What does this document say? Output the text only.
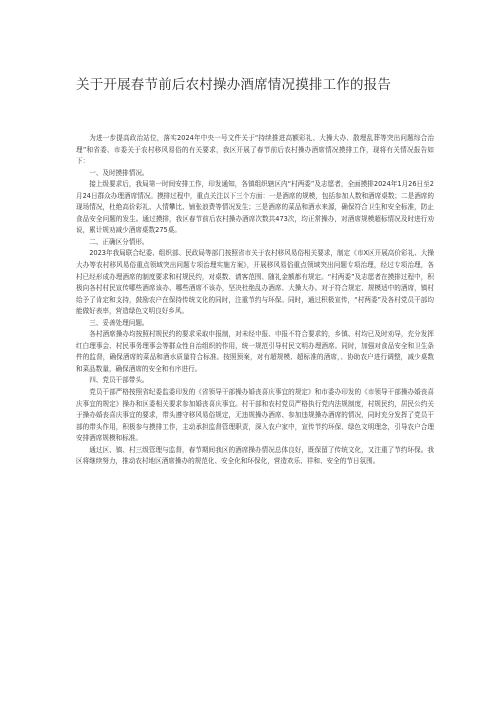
关于开展春节前后农村操办酒席情况摸排工作的报告

为进一步提高政治站位，落实2024年中央一号文件关于“持续推进高额彩礼、大操大办、散埋乱葬等突出问题综合治理”和省委、市委关于农村移风易俗的有关要求，我区开展了春节前后农村操办酒席情况摸排工作，现将有关情况报告如下：

一、及时摸排情况。

接上级要求后，我局第一时间安排工作，印发通知，各镇组织辖区内“村两委”及志愿者，全面摸排2024年1月26日至2月24日群众办理酒席情况。摸排过程中，重点关注以下三个方面：一是酒席的规模，包括参加人数和酒席桌数；二是酒席的现场情况，杜绝高价彩礼、人情攀比、铺张浪费等情况发生；三是酒席的菜品和酒水来源，确保符合卫生和安全标准，防止食品安全问题的发生。通过摸排，我区春节前后农村操办酒席次数共473次，均正常操办，对酒席规模超标情况及时进行劝说，累计规劝减少酒席桌数275桌。

二、正确区分情形。

2023年我局联合纪委、组织部、民政局等部门按照省市关于农村移风易俗相关要求，制定《市X区开展高价彩礼、大操大办等农村移风易俗重点领域突出问题专项治理实施方案》，开展移风易俗重点领域突出问题专项治理，经过专项治理，各村已经形成办理酒席的制度要求和村规民约，对桌数、请客范围、随礼金额都有规定。“村两委”及志愿者在摸排过程中，积极向各村村民宣传哪些酒席该办、哪些酒席不该办，坚决杜绝乱办酒席、大操大办。对于符合规定、规模适中的酒席，镇村给予了肯定和支持，鼓励农户在保持传统文化的同时，注重节约与环保。同时，通过积极宣传，“村两委”及各村党员干部均能做好表率，营造绿色文明良好乡风。

三、妥善处理问题。

各村酒席操办均按照村规民约的要求采取申报制，对未经申报、申报不符合要求的，乡镇、村均已及时劝导，充分发挥红白理事会、村民事务理事会等群众性自治组织的作用，统一规范引导村民文明办理酒席。同时，加强对食品安全和卫生条件的监督，确保酒席的菜品和酒水质量符合标准。按照预案，对有超规模、超标准的酒席，、协助农户进行调整，减少桌数和菜品数量，确保酒席的安全和有序进行。

四、党员干部带头。

党员干部严格按照省纪委监委印发的《省领导干部操办婚丧喜庆事宜的规定》和市委办印发的《市领导干部操办婚丧喜庆事宜的规定》操办和区委相关要求参加婚丧喜庆事宜。村干部和农村党员严格执行党内法规制度，村规民约，居民公约关于操办婚丧喜庆事宜的要求，带头遵守移风易俗规定，无违规操办酒席、参加违规操办酒席的情况，同时充分发挥了党员干部的带头作用，积极参与摸排工作，主动承担监督管理职责，深入农户家中，宣传节约环保、绿色文明理念，引导农户合理安排酒席规模和标准。

通过区、镇、村三级管理与监督，春节期间我区的酒席操办情况总体良好，既保留了传统文化，又注重了节约环保。我区将继续努力，推动农村地区酒席操办的规范化、安全化和环保化，营造欢乐、祥和、安全的节日氛围。
